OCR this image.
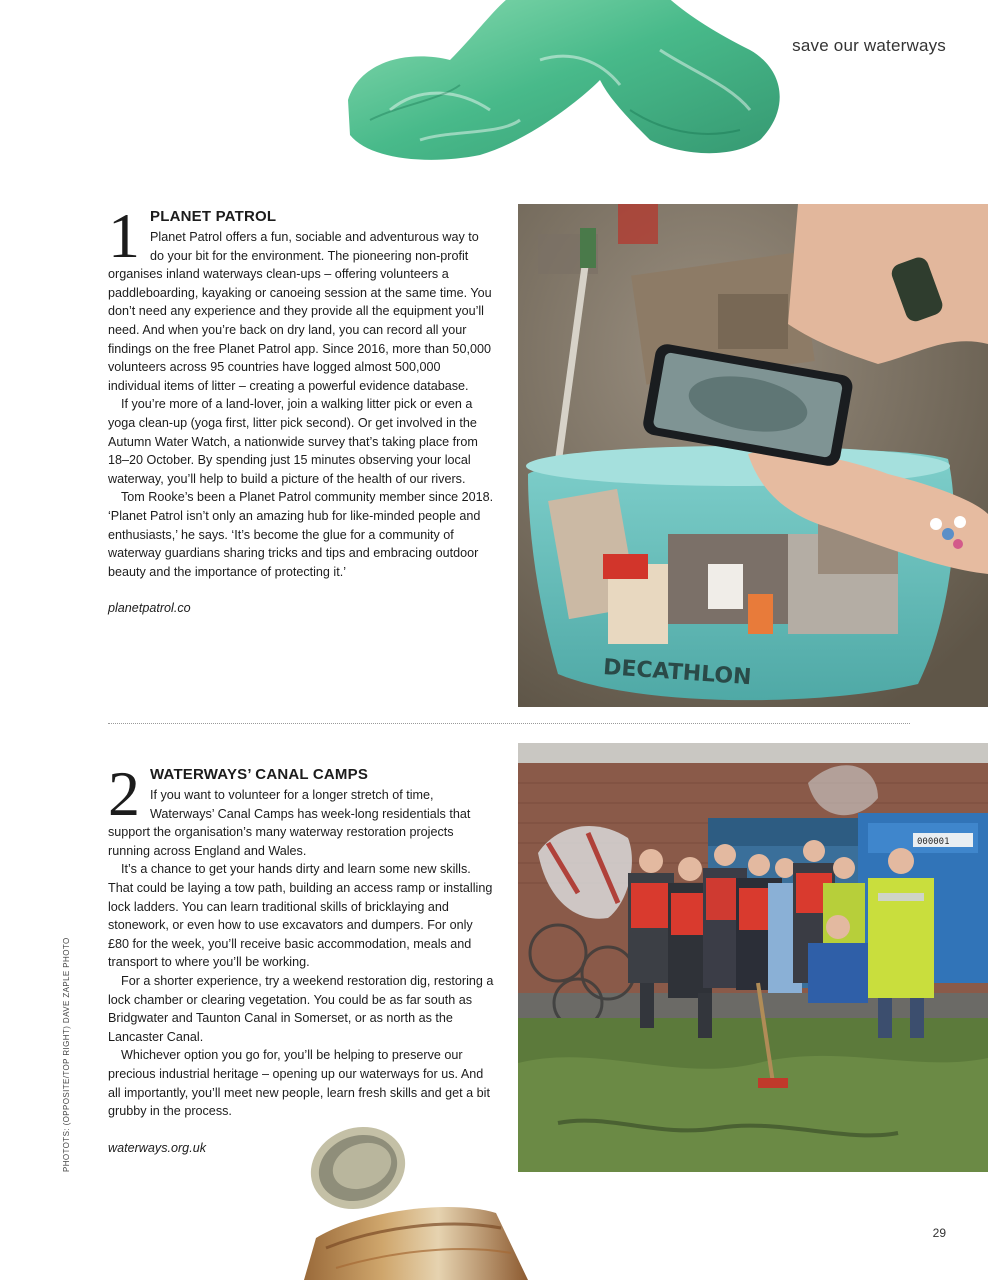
save our waterways
1 PLANET PATROL

Planet Patrol offers a fun, sociable and adventurous way to do your bit for the environment. The pioneering non-profit organises inland waterways clean-ups – offering volunteers a paddleboarding, kayaking or canoeing session at the same time. You don’t need any experience and they provide all the equipment you’ll need. And when you’re back on dry land, you can record all your findings on the free Planet Patrol app. Since 2016, more than 50,000 volunteers across 95 countries have logged almost 500,000 individual items of litter – creating a powerful evidence database.

If you’re more of a land-lover, join a walking litter pick or even a yoga clean-up (yoga first, litter pick second). Or get involved in the Autumn Water Watch, a nationwide survey that’s taking place from 18–20 October. By spending just 15 minutes observing your local waterway, you’ll help to build a picture of the health of our rivers.

Tom Rooke’s been a Planet Patrol community member since 2018. ‘Planet Patrol isn’t only an amazing hub for like-minded people and enthusiasts,’ he says. ‘It’s become the glue for a community of waterway guardians sharing tricks and tips and embracing outdoor beauty and the importance of protecting it.’

planetpatrol.co
DECATHLON
2 WATERWAYS’ CANAL CAMPS

If you want to volunteer for a longer stretch of time, Waterways’ Canal Camps has week-long residentials that support the organisation’s many waterway restoration projects running across England and Wales.

It’s a chance to get your hands dirty and learn some new skills. That could be laying a tow path, building an access ramp or installing lock ladders. You can learn traditional skills of bricklaying and stonework, or even how to use excavators and dumpers. For only £80 for the week, you’ll receive basic accommodation, meals and transport to where you’ll be working.

For a shorter experience, try a weekend restoration dig, restoring a lock chamber or clearing vegetation. You could be as far south as Bridgwater and Taunton Canal in Somerset, or as north as the Lancaster Canal.

Whichever option you go for, you’ll be helping to preserve our precious industrial heritage – opening up our waterways for us. And all importantly, you’ll meet new people, learn fresh skills and get a bit grubby in the process.

waterways.org.uk
000001
PHOTOTS: (OPPOSITE/TOP RIGHT) DAVE ZAPLE PHOTO
29
